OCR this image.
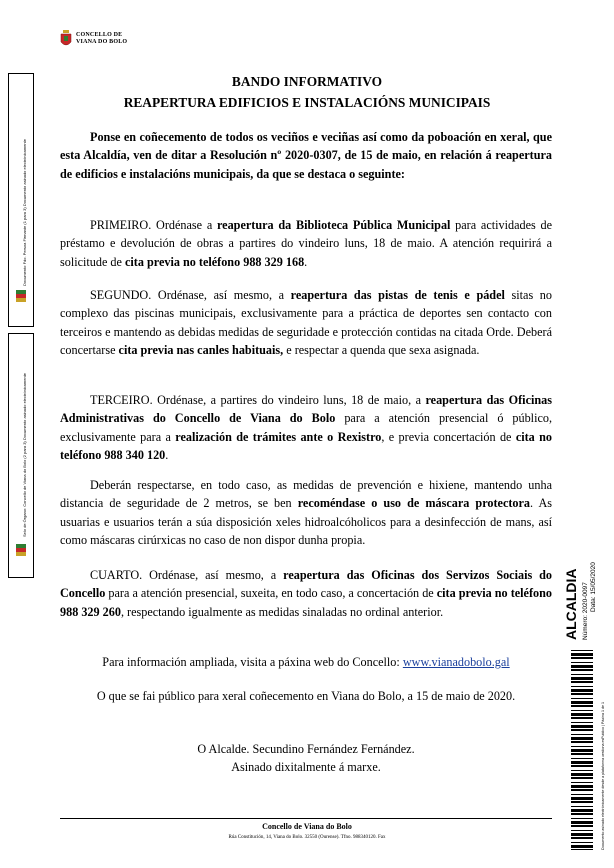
CONCELLO DE
VIANA DO BOLO
Documento Fdo. Persoa Firmante (1 para 3) Documento asinado electrónicamente
Selo de Órgano: Concello de Viana do Bolo (2 para 3) Documento asinado electrónicamente
BANDO INFORMATIVO
REAPERTURA EDIFICIOS E INSTALACIÓNS MUNICIPAIS

Ponse en coñecemento de todos os veciños e veciñas así como da poboación en xeral, que esta Alcaldía, ven de ditar a Resolución nº 2020-0307, de 15 de maio, en relación á reapertura de edificios e instalacións municipais, da que se destaca o seguinte:

PRIMEIRO. Ordénase a reapertura da Biblioteca Pública Municipal para actividades de préstamo e devolución de obras a partires do vindeiro luns, 18 de maio. A atención requirirá a solicitude de cita previa no teléfono 988 329 168.

SEGUNDO. Ordénase, así mesmo, a reapertura das pistas de tenis e pádel sitas no complexo das piscinas municipais, exclusivamente para a práctica de deportes sen contacto con terceiros e mantendo as debidas medidas de seguridade e protección contidas na citada Orde. Deberá concertarse cita previa nas canles habituais, e respectar a quenda que sexa asignada.

TERCEIRO. Ordénase, a partires do vindeiro luns, 18 de maio, a reapertura das Oficinas Administrativas do Concello de Viana do Bolo para a atención presencial ó público, exclusivamente para a realización de trámites ante o Rexistro, e previa concertación de cita no teléfono 988 340 120.

Deberán respectarse, en todo caso, as medidas de prevención e hixiene, mantendo unha distancia de seguridade de 2 metros, se ben recoméndase o uso de máscara protectora. As usuarias e usuarios terán a súa disposición xeles hidroalcóholicos para a desinfección de mans, así como máscaras cirúrxicas no caso de non dispor dunha propia.

CUARTO. Ordénase, así mesmo, a reapertura das Oficinas dos Servizos Sociais do Concello para a atención presencial, suxeita, en todo caso, a concertación de cita previa no teléfono 988 329 260, respectando igualmente as medidas sinaladas no ordinal anterior.

Para información ampliada, visita a páxina web do Concello: www.vianadobolo.gal
O que se fai público para xeral coñecemento en Viana do Bolo, a 15 de maio de 2020.
O Alcalde. Secundino Fernández Fernández.
Asinado dixitalmente á marxe.
Concello de Viana do Bolo
Rúa Constitución, 14, Viana do Bolo. 32550 (Ourense). Tfno. 988340120. Fax
ALCALDIA Número: 2020-0097 Data: 15/05/2020
Documento asinado electrónicamente desde a plataforma xestiona esPublico | Páxina 1 de 1
